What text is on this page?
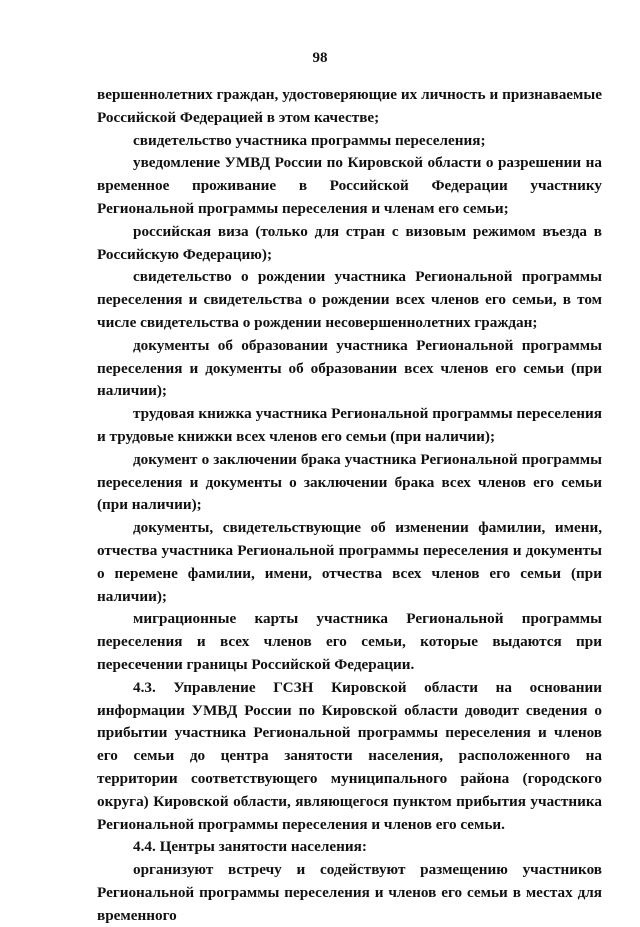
98

вершеннолетних граждан, удостоверяющие их личность и признаваемые Российской Федерацией в этом качестве;

свидетельство участника программы переселения;

уведомление УМВД России по Кировской области о разрешении на временное проживание в Российской Федерации участнику Региональной программы переселения и членам его семьи;

российская виза (только для стран с визовым режимом въезда в Российскую Федерацию);

свидетельство о рождении участника Региональной программы переселения и свидетельства о рождении всех членов его семьи, в том числе свидетельства о рождении несовершеннолетних граждан;

документы об образовании участника Региональной программы переселения и документы об образовании всех членов его семьи (при наличии);

трудовая книжка участника Региональной программы переселения и трудовые книжки всех членов его семьи (при наличии);

документ о заключении брака участника Региональной программы переселения и документы о заключении брака всех членов его семьи (при наличии);

документы, свидетельствующие об изменении фамилии, имени, отчества участника Региональной программы переселения и документы о перемене фамилии, имени, отчества всех членов его семьи (при наличии);

миграционные карты участника Региональной программы переселения и всех членов его семьи, которые выдаются при пересечении границы Российской Федерации.

4.3. Управление ГСЗН Кировской области на основании информации УМВД России по Кировской области доводит сведения о прибытии участника Региональной программы переселения и членов его семьи до центра занятости населения, расположенного на территории соответствующего муниципального района (городского округа) Кировской области, являющегося пунктом прибытия участника Региональной программы переселения и членов его семьи.

4.4. Центры занятости населения:

организуют встречу и содействуют размещению участников Региональной программы переселения и членов его семьи в местах для временного
